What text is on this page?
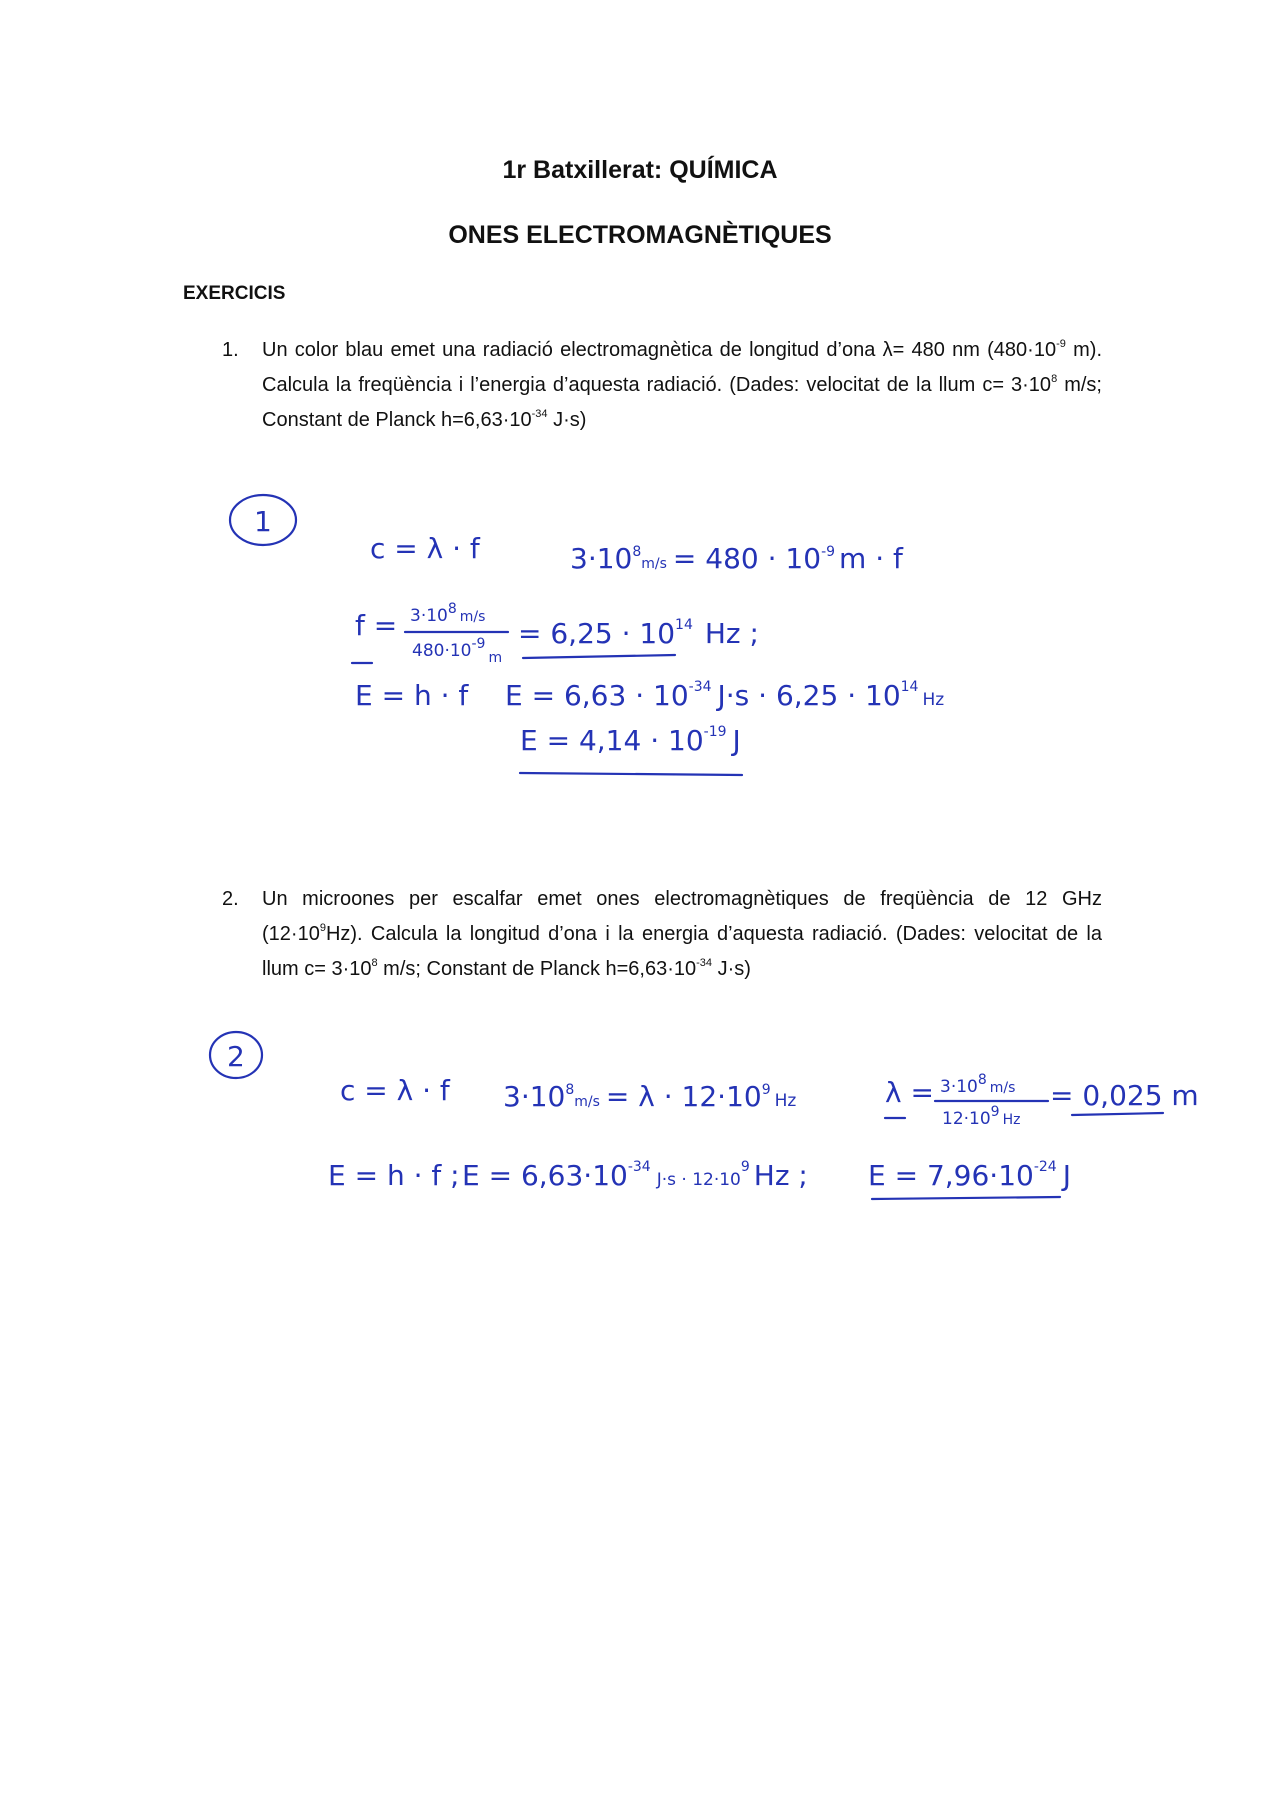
1r Batxillerat: QUÍMICA
ONES ELECTROMAGNÈTIQUES
EXERCICIS
1. Un color blau emet una radiació electromagnètica de longitud d’ona λ= 480 nm ($480\cdot 10^{-9}$ m). Calcula la freqüència i l’energia d’aquesta radiació. (Dades: velocitat de la llum $c= 3\cdot 10^8$ m/s; Constant de Planck $h=6,63\cdot 10^{-34}$ J·s)
2. Un microones per escalfar emet ones electromagnètiques de freqüència de 12 GHz $(12\cdot 10^9Hz)$. Calcula la longitud d’ona i la energia d’aquesta radiació. (Dades: velocitat de la llum $c= 3\cdot 10^8$ m/s; Constant de Planck $h=6,63\cdot 10^{-34}$ J·s)
1
c = λ · f	$3\cdot 10^8_{m/s} = 480 \cdot 10^{-9}$ m · f
$f = 3\cdot 10^8$ $_{m/s}$
$480\cdot 10^{-9}_m$
= $6,25 \cdot 10^{14}$ Hz ;
E = h · f $E = 6,63 \cdot 10^{-34}$ $J\cdot s \cdot 6,25 \cdot 10^{14}_{Hz}$
$E = 4,14 \cdot 10^{-19}$ J
2
c = λ · f $3\cdot 10^8_{m/s} = \lambda \cdot 12\cdot 10^9_{Hz}$	$\lambda = 3\cdot 10^8$ $_{m/s}$
$12\cdot 10^9$ $_{Hz}$
= 0,025 m
E = h · f ; $E = 6,63\cdot 10^{-34}_{J\cdot s \cdot 12\cdot 10}^9$ Hz ; $E = 7,96\cdot 10^{-24}$ J
